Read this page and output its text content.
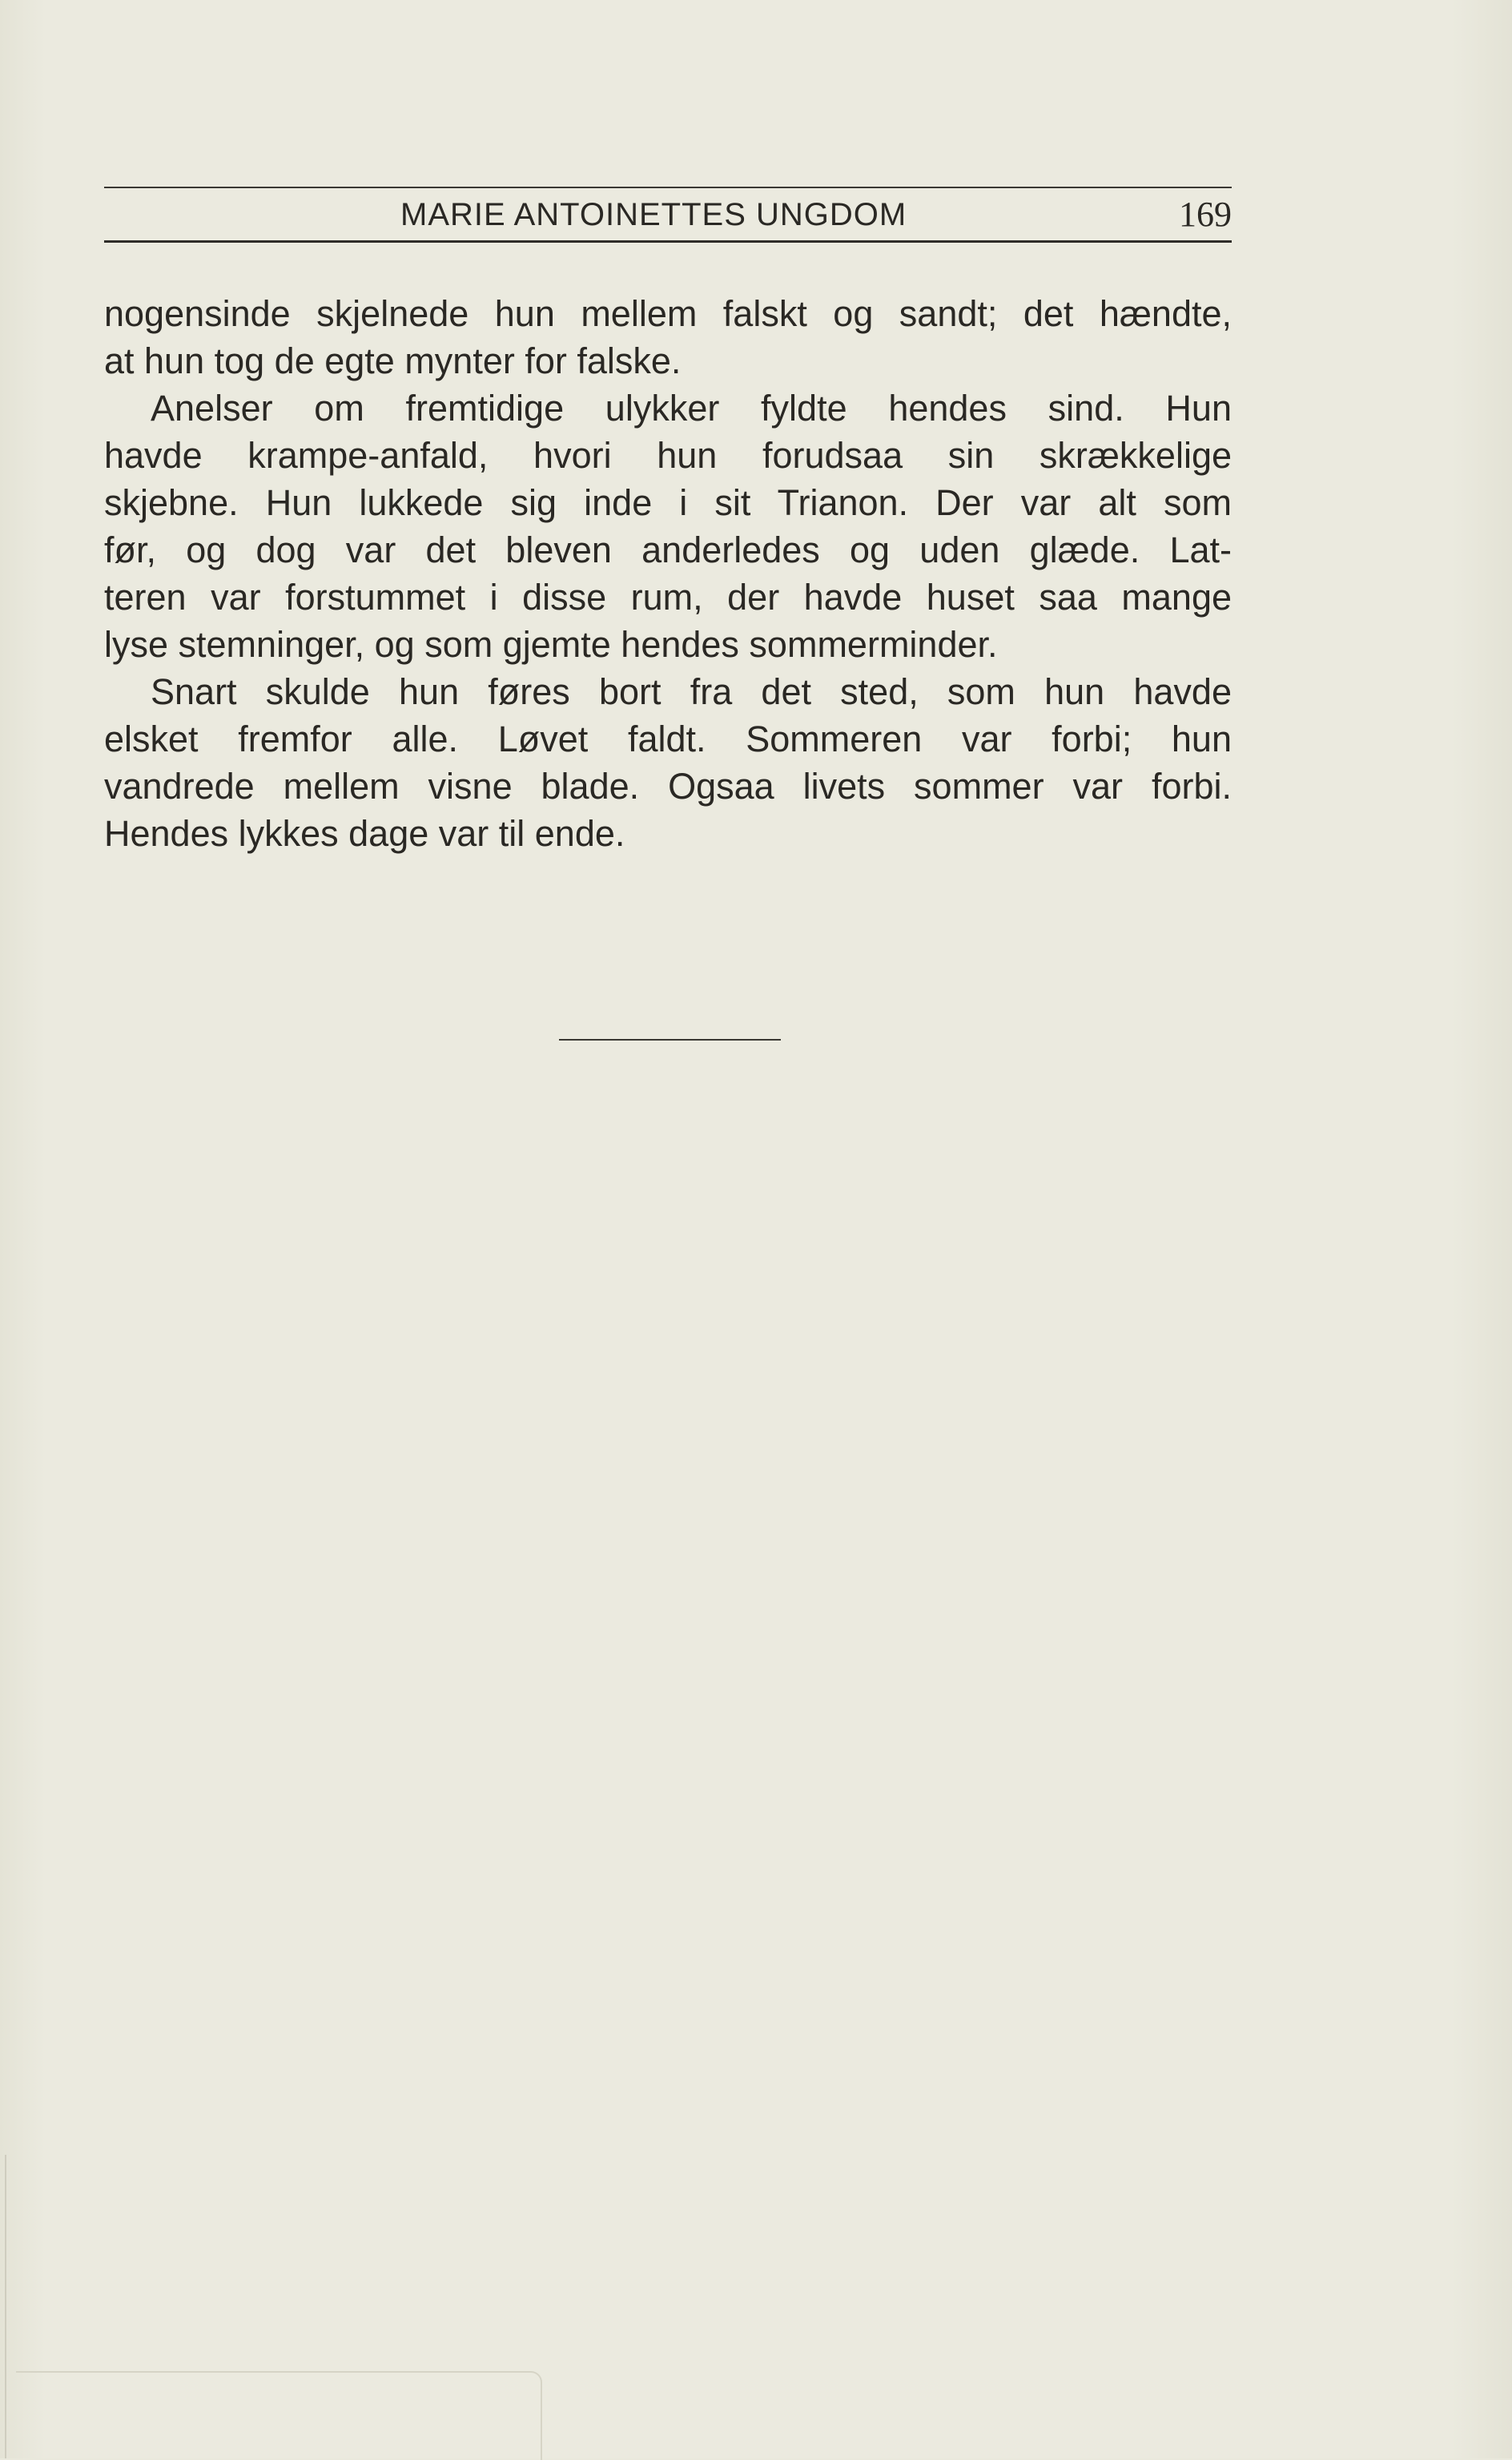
MARIE ANTOINETTES UNGDOM	169
nogensinde skjelnede hun mellem falskt og sandt; det hændte,
at hun tog de egte mynter for falske.
Anelser om fremtidige ulykker fyldte hendes sind. Hun
havde krampe-anfald, hvori hun forudsaa sin skrækkelige
skjebne. Hun lukkede sig inde i sit Trianon. Der var alt som
før, og dog var det bleven anderledes og uden glæde. Lat-
teren var forstummet i disse rum, der havde huset saa mange
lyse stemninger, og som gjemte hendes sommerminder.
Snart skulde hun føres bort fra det sted, som hun havde
elsket fremfor alle. Løvet faldt. Sommeren var forbi; hun
vandrede mellem visne blade. Ogsaa livets sommer var forbi.
Hendes lykkes dage var til ende.
